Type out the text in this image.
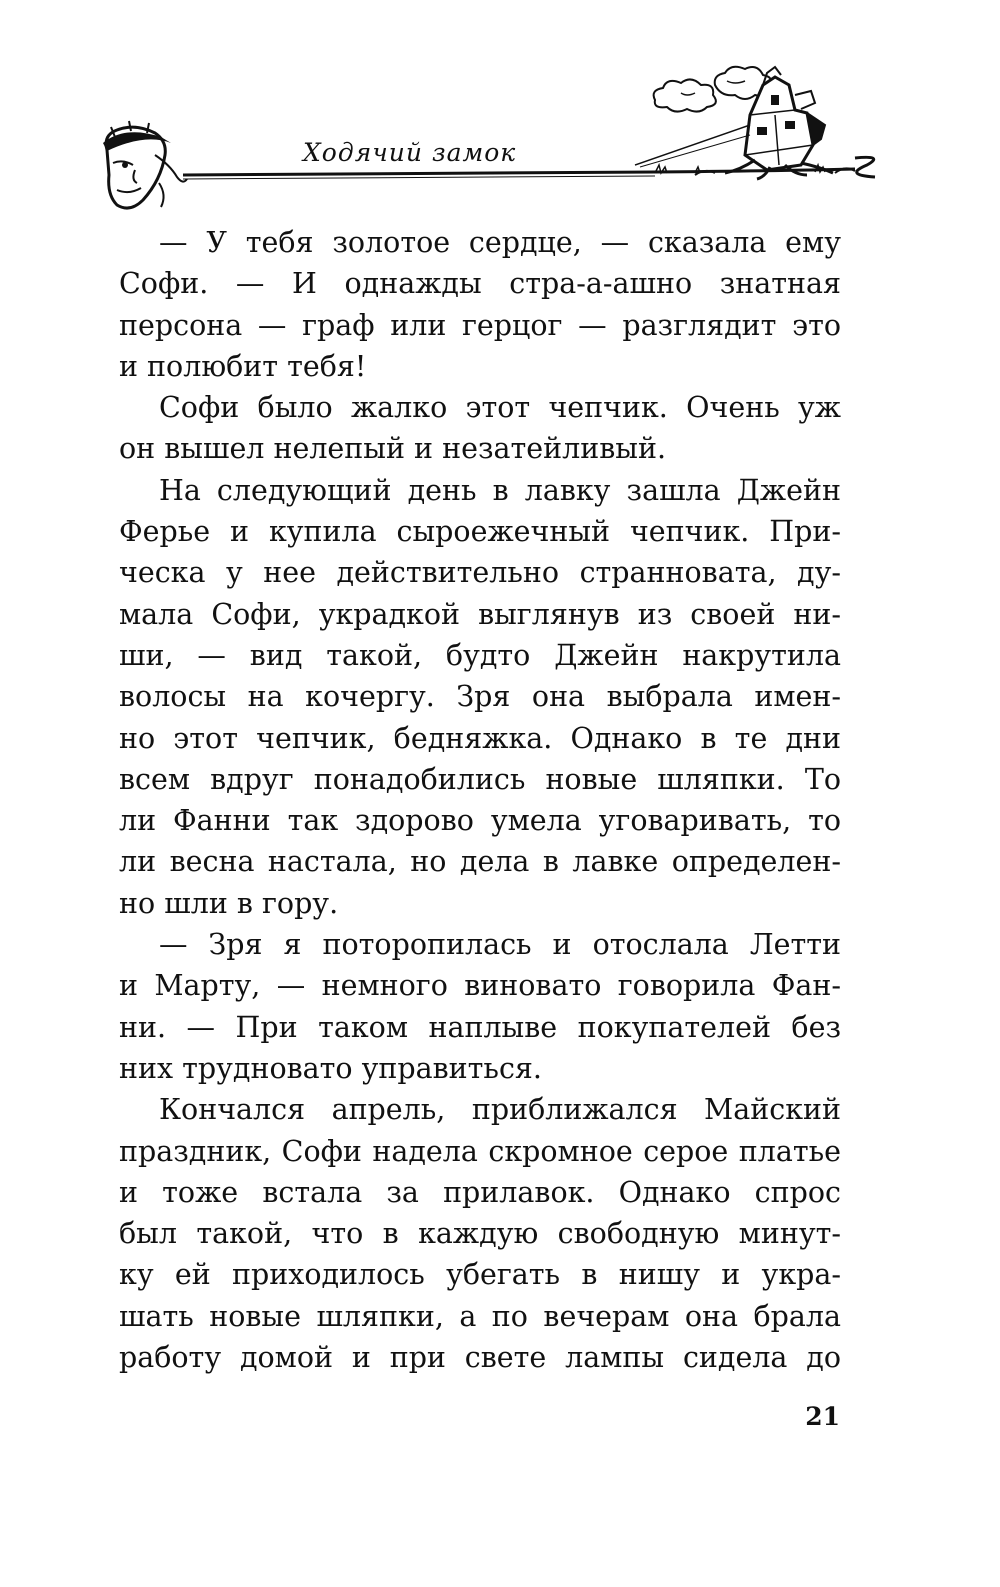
Ходячий замок
— У тебя золотое сердце, — сказала ему
Софи. — И однажды стра-а-ашно знатная
персона — граф или герцог — разглядит это
и полюбит тебя!
Софи было жалко этот чепчик. Очень уж
он вышел нелепый и незатейливый.
На следующий день в лавку зашла Джейн
Ферье и купила сыроежечный чепчик. При-
ческа у нее действительно странновата, ду-
мала Софи, украдкой выглянув из своей ни-
ши, — вид такой, будто Джейн накрутила
волосы на кочергу. Зря она выбрала имен-
но этот чепчик, бедняжка. Однако в те дни
всем вдруг понадобились новые шляпки. То
ли Фанни так здорово умела уговаривать, то
ли весна настала, но дела в лавке определен-
но шли в гору.
— Зря я поторопилась и отослала Летти
и Марту, — немного виновато говорила Фан-
ни. — При таком наплыве покупателей без
них трудновато управиться.
Кончался апрель, приближался Майский
праздник, Софи надела скромное серое платье
и тоже встала за прилавок. Однако спрос
был такой, что в каждую свободную минут-
ку ей приходилось убегать в нишу и укра-
шать новые шляпки, а по вечерам она брала
работу домой и при свете лампы сидела до
21
